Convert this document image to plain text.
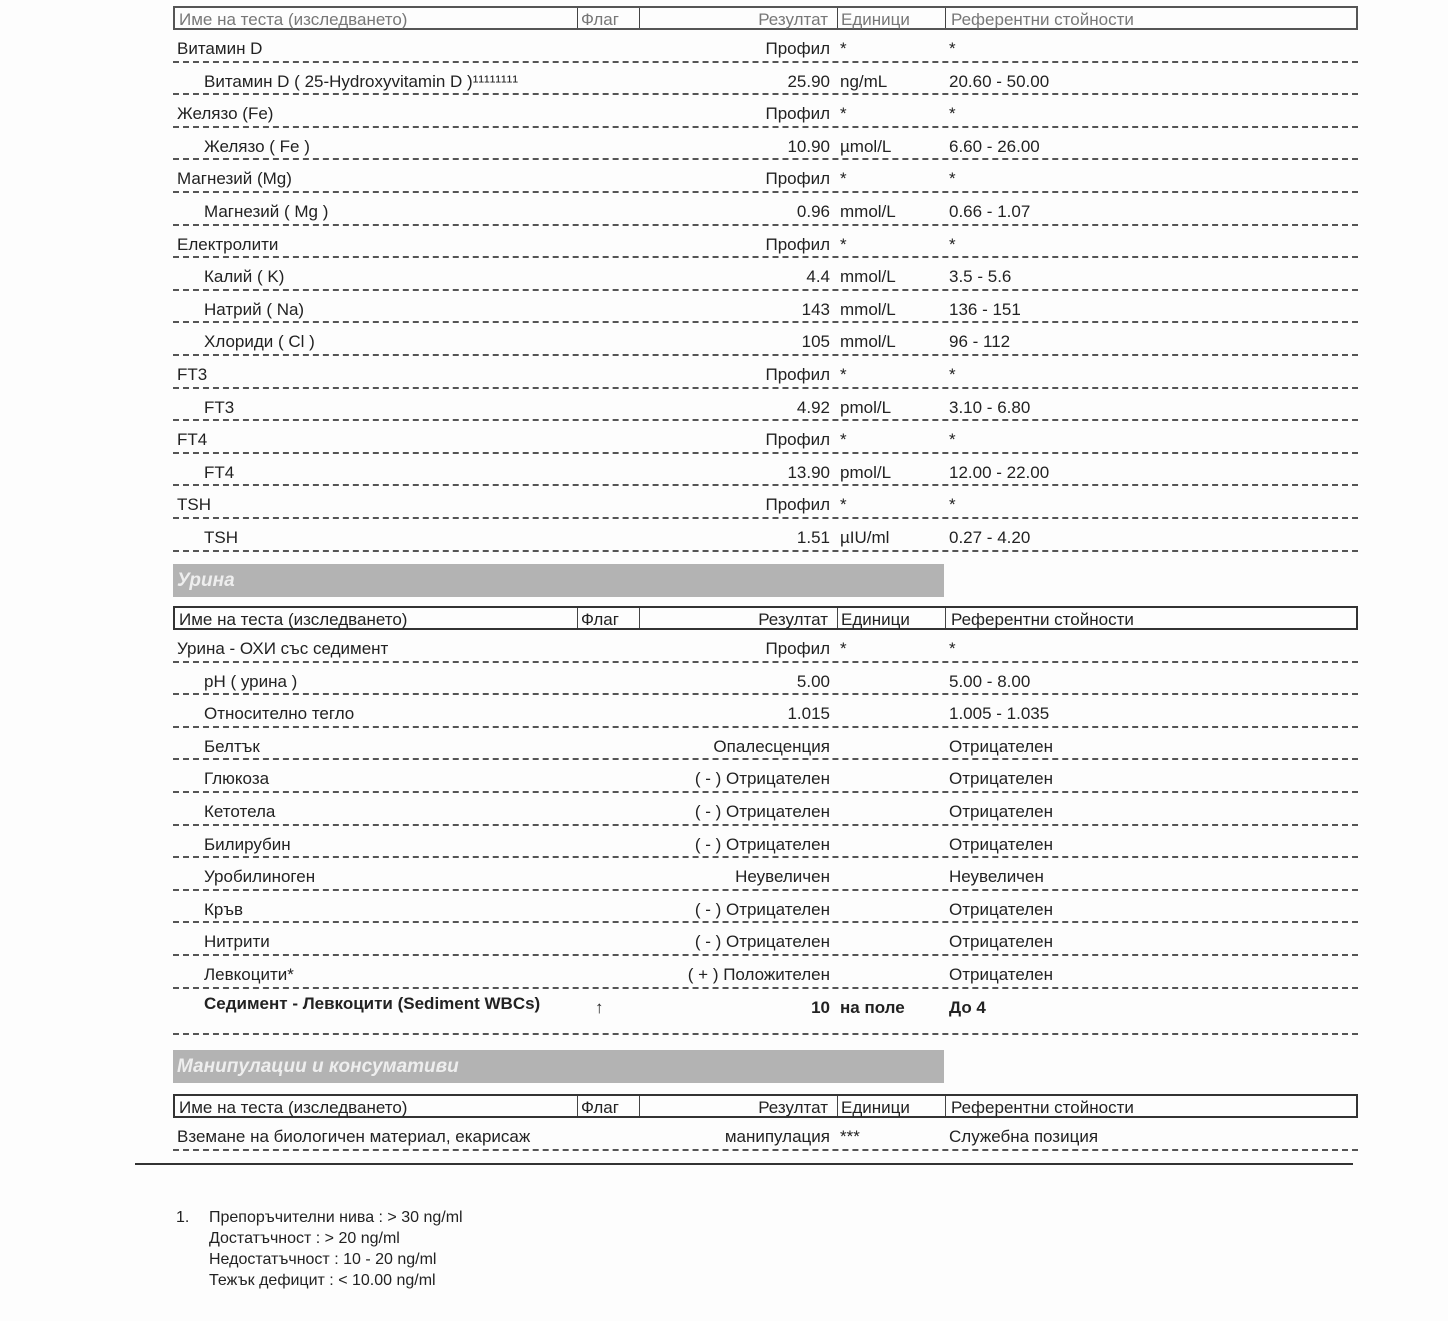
Име на теста (изследването)	Флаг	Резултат Единици Референтни стойности
Витамин D	Профил *	*
Витамин D ( 25-Hydroxyvitamin D )¹¹¹¹¹¹¹¹	25.90 ng/mL	20.60 - 50.00
Желязо (Fe)	Профил *	*
Желязо ( Fe )	10.90 µmol/L	6.60 - 26.00
Магнезий (Mg)	Профил *	*
Магнезий ( Mg )	0.96 mmol/L	0.66 - 1.07
Електролити	Профил *	*
Калий ( K)	4.4 mmol/L	3.5 - 5.6
Натрий ( Na)	143 mmol/L	136 - 151
Хлориди ( Cl )	105 mmol/L	96 - 112
FT3	Профил *	*
FT3	4.92 pmol/L	3.10 - 6.80
FT4	Профил *	*
FT4	13.90 pmol/L	12.00 - 22.00
TSH	Профил *	*
TSH	1.51 µIU/ml	0.27 - 4.20
Урина
Име на теста (изследването)	Флаг	Резултат Единици Референтни стойности
Урина - ОХИ със седимент	Профил *	*
pH ( урина )	5.00	5.00 - 8.00
Относително тегло	1.015	1.005 - 1.035
Белтък	Опалесценция	Отрицателен
Глюкоза	( - ) Отрицателен	Отрицателен
Кетотела	( - ) Отрицателен	Отрицателен
Билирубин	( - ) Отрицателен	Отрицателен
Уробилиноген	Неувеличен	Неувеличен
Кръв	( - ) Отрицателен	Отрицателен
Нитрити	( - ) Отрицателен	Отрицателен
Левкоцити*	( + ) Положителен	Отрицателен
Седимент - Левкоцити (Sediment WBCs)	↑	10 на поле	До 4
Манипулации и консумативи
Име на теста (изследването)	Флаг	Резултат Единици Референтни стойности
Вземане на биологичен материал, екарисаж	манипулация ***	Служебна позиция
1. Препоръчителни нива : > 30 ng/ml
Достатъчност : > 20 ng/ml
Недостатъчност : 10 - 20 ng/ml
Тежък дефицит : < 10.00 ng/ml
